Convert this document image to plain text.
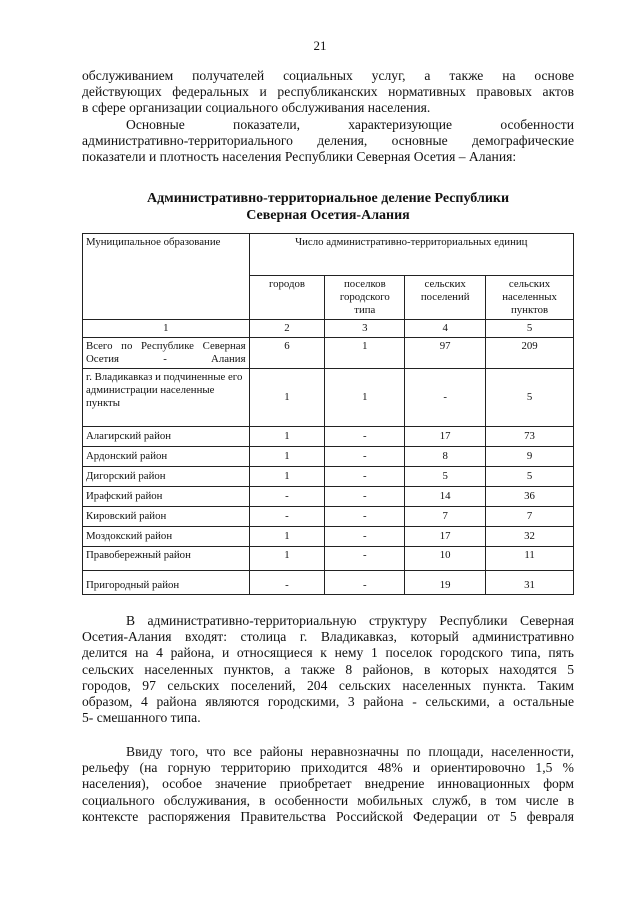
21
обслуживанием получателей социальных услуг, а также на основе
действующих федеральных и республиканских нормативных правовых актов
в сфере организации социального обслуживания населения.
Основные показатели, характеризующие особенности
административно-территориального деления, основные демографические
показатели и плотность населения Республики Северная Осетия – Алания:
Административно-территориальное деление Республики
Северная Осетия-Алания
Муниципальное образование	Число административно-территориальных единиц			
	городов	поселков городского типа	сельских поселений	сельских населенных пунктов
1	2	3	4	5
Всего по Республике Северная Осетия - Алания	6	1	97	209
г. Владикавказ и подчиненные его администрации населенные пункты	1	1	-	5
Алагирский район	1	-	17	73
Ардонский район	1	-	8	9
Дигорский район	1	-	5	5
Ирафский район	-	-	14	36
Кировский район	-	-	7	7
Моздокский район	1	-	17	32
Правобережный район	1	-	10	11
Пригородный район	-	-	19	31
В административно-территориальную структуру Республики Северная
Осетия-Алания входят: столица г. Владикавказ, который административно
делится на 4 района, и относящиеся к нему 1 поселок городского типа, пять
сельских населенных пунктов, а также 8 районов, в которых находятся 5
городов, 97 сельских поселений, 204 сельских населенных пункта. Таким
образом, 4 района являются городскими, 3 района - сельскими, а остальные
5- смешанного типа.
Ввиду того, что все районы неравнозначны по площади, населенности,
рельефу (на горную территорию приходится 48% и ориентировочно 1,5 %
населения), особое значение приобретает внедрение инновационных форм
социального обслуживания, в особенности мобильных служб, в том числе в
контексте распоряжения Правительства Российской Федерации от 5 февраля
